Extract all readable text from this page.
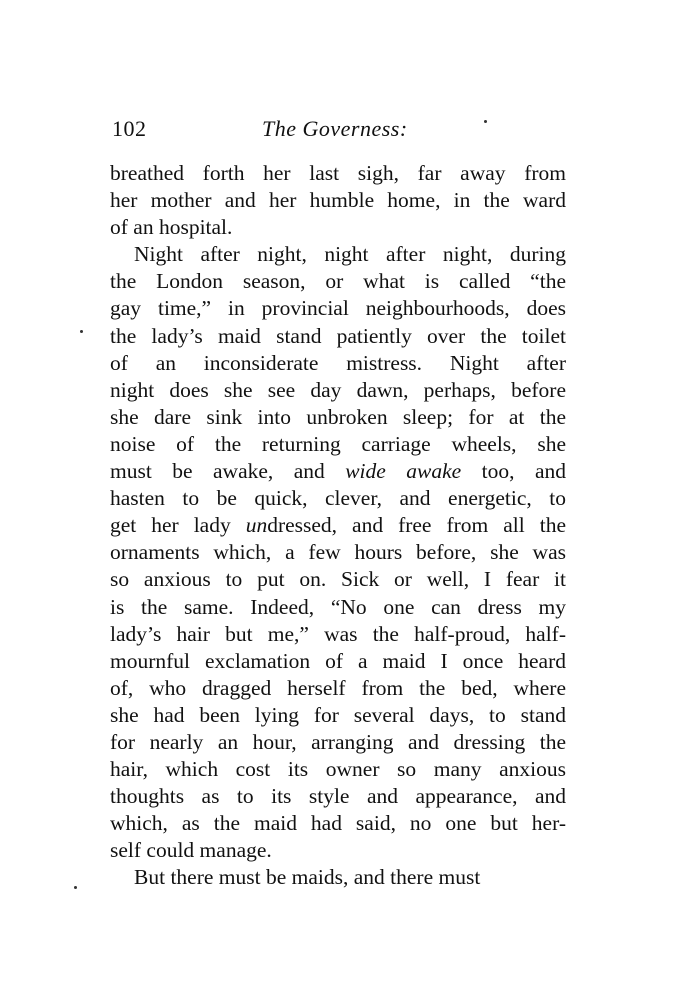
102	The Governess:
breathed forth her last sigh, far away from
her mother and her humble home, in the ward
of an hospital.
Night after night, night after night, during
the London season, or what is called “the
gay time,” in provincial neighbourhoods, does
the lady’s maid stand patiently over the toilet
of an inconsiderate mistress. Night after
night does she see day dawn, perhaps, before
she dare sink into unbroken sleep; for at the
noise of the returning carriage wheels, she
must be awake, and wide awake too, and
hasten to be quick, clever, and energetic, to
get her lady undressed, and free from all the
ornaments which, a few hours before, she was
so anxious to put on. Sick or well, I fear it
is the same. Indeed, “No one can dress my
lady’s hair but me,” was the half-proud, half-
mournful exclamation of a maid I once heard
of, who dragged herself from the bed, where
she had been lying for several days, to stand
for nearly an hour, arranging and dressing the
hair, which cost its owner so many anxious
thoughts as to its style and appearance, and
which, as the maid had said, no one but her-
self could manage.
But there must be maids, and there must
